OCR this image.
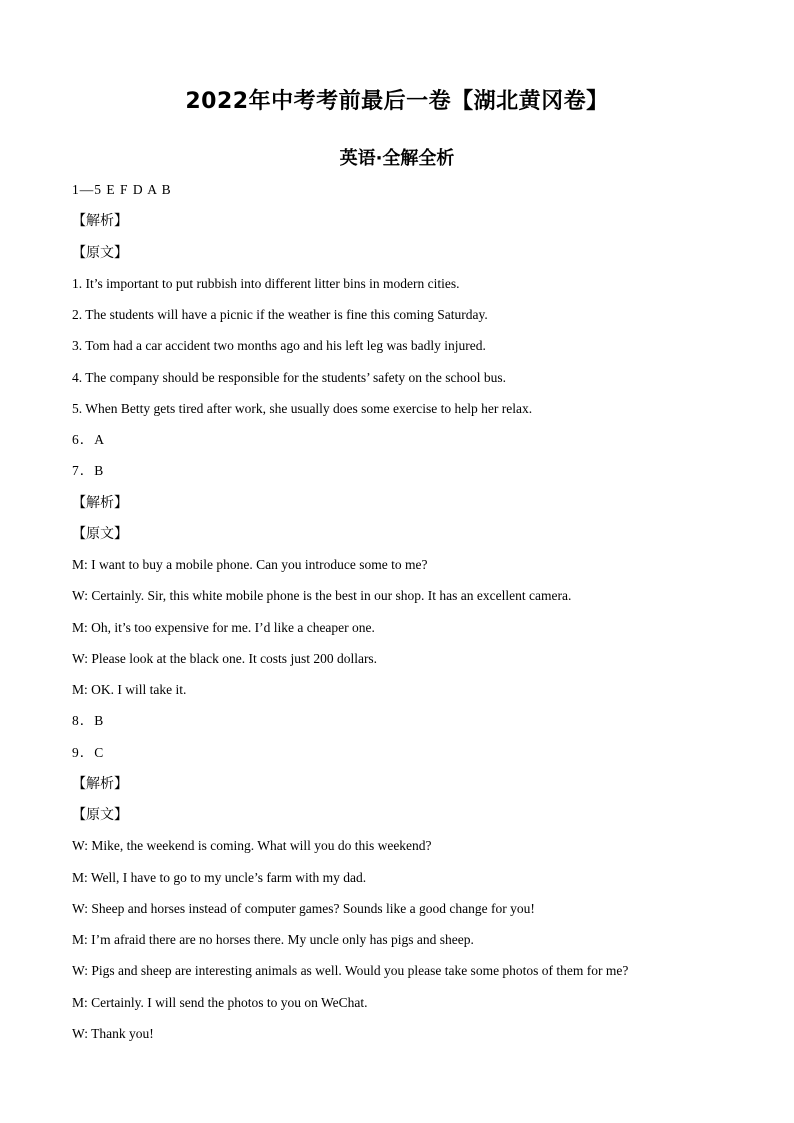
2022年中考考前最后一卷【湖北黄冈卷】
英语·全解全析
1—5 E F D A B
【解析】
【原文】
1. It’s important to put rubbish into different litter bins in modern cities.
2. The students will have a picnic if the weather is fine this coming Saturday.
3. Tom had a car accident two months ago and his left leg was badly injured.
4. The company should be responsible for the students’ safety on the school bus.
5. When Betty gets tired after work, she usually does some exercise to help her relax.
6．A
7．B
【解析】
【原文】
M: I want to buy a mobile phone. Can you introduce some to me?
W: Certainly. Sir, this white mobile phone is the best in our shop. It has an excellent camera.
M: Oh, it’s too expensive for me. I’d like a cheaper one.
W: Please look at the black one. It costs just 200 dollars.
M: OK. I will take it.
8．B
9．C
【解析】
【原文】
W: Mike, the weekend is coming. What will you do this weekend?
M: Well, I have to go to my uncle’s farm with my dad.
W: Sheep and horses instead of computer games? Sounds like a good change for you!
M: I’m afraid there are no horses there. My uncle only has pigs and sheep.
W: Pigs and sheep are interesting animals as well. Would you please take some photos of them for me?
M: Certainly. I will send the photos to you on WeChat.
W: Thank you!
